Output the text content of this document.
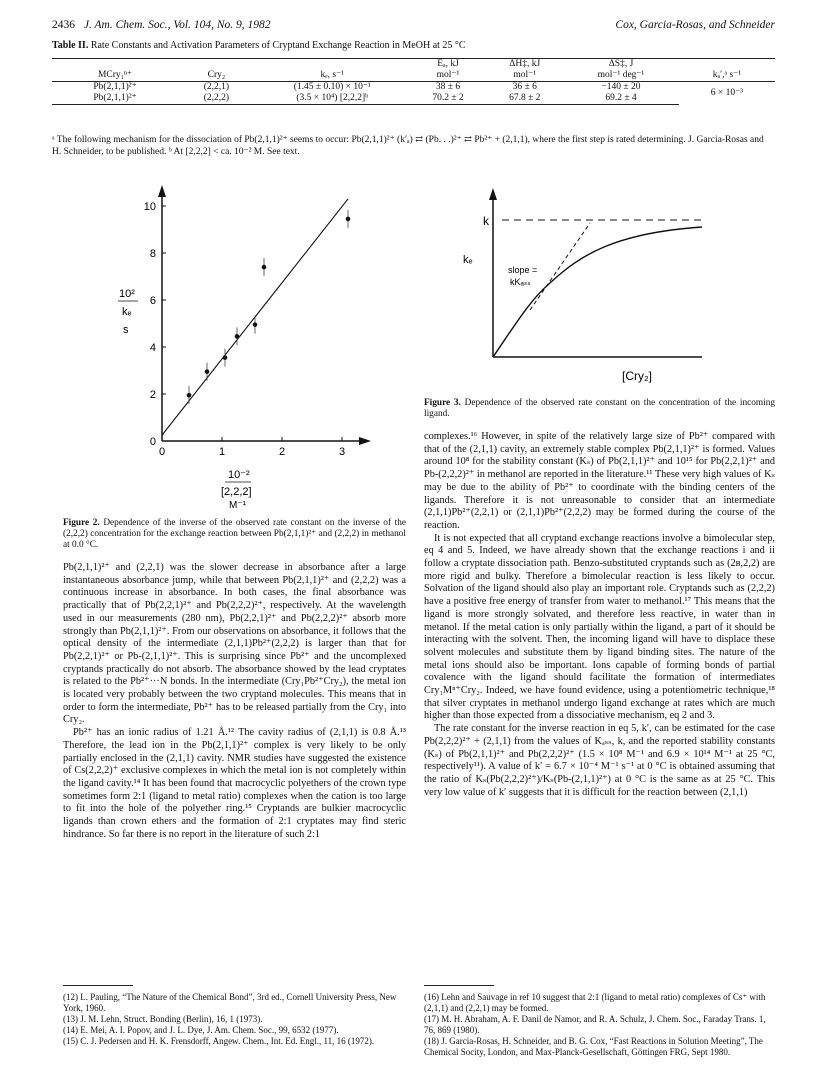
2436 J. Am. Chem. Soc., Vol. 104, No. 9, 1982	Cox, Garcia-Rosas, and Schneider
Table II. Rate Constants and Activation Parameters of Cryptand Exchange Reaction in MeOH at 25 °C
			Eₐ, kJ	ΔH‡, kJ	ΔS‡, J	
MCry₁ⁿ⁺	Cry₂	kₑ, s⁻¹	mol⁻¹	mol⁻¹	mol⁻¹ deg⁻¹	kₐ′,ᵃ s⁻¹
Pb(2,1,1)²⁺	(2,2,1)	(1.45 ± 0.10) × 10⁻¹	38 ± 6	36 ± 6	−140 ± 20	6 × 10⁻³
Pb(2,1,1)²⁺	(2,2,2)	(3.5 × 10⁴) [2,2,2]ᵇ	70.2 ± 2	67.8 ± 2	69.2 ± 4	
ᵃ The following mechanism for the dissociation of Pb(2,1,1)²⁺ seems to occur: Pb(2,1,1)²⁺ (k′ₐ) ⇄ (Pb. . .)²⁺ ⇄ Pb²⁺ + (2,1,1), where the first step is rated determining. J. Garcia-Rosas and H. Schneider, to be published. ᵇ At [2,2,2] < ca. 10⁻² M. See text.
0
2
4
6
8
10
0	1	2	3
10²
kₑ
s
10⁻²
[2,2,2]
M⁻¹
Figure 2. Dependence of the inverse of the observed rate constant on the inverse of the (2,2,2) concentration for the exchange reaction between Pb(2,1,1)²⁺ and (2,2,2) in methanol at 0.0 °C.
k
kₑ
slope =
kKₐₛₛ
[Cry₂]
Figure 3. Dependence of the observed rate constant on the concentration of the incoming ligand.

Pb(2,1,1)²⁺ and (2,2,1) was the slower decrease in absorbance after a large instantaneous absorbance jump, while that between Pb(2,1,1)²⁺ and (2,2,2) was a continuous increase in absorbance. In both cases, the final absorbance was practically that of Pb(2,2,1)²⁺ and Pb(2,2,2)²⁺, respectively. At the wavelength used in our measurements (280 nm), Pb(2,2,1)²⁺ and Pb(2,2,2)²⁺ absorb more strongly than Pb(2,1,1)²⁺. From our observations on absorbance, it follows that the optical density of the intermediate (2,1,1)Pb²⁺(2,2,2) is larger than that for Pb(2,2,1)²⁺ or Pb-(2,1,1)²⁺. This is surprising since Pb²⁺ and the uncomplexed cryptands practically do not absorb. The absorbance showed by the lead cryptates is related to the Pb²⁺···N bonds. In the intermediate (Cry₁Pb²⁺Cry₂), the metal ion is located very probably between the two cryptand molecules. This means that in order to form the intermediate, Pb²⁺ has to be released partially from the Cry₁ into Cry₂.

Pb²⁺ has an ionic radius of 1.21 Å.¹² The cavity radius of (2,1,1) is 0.8 Å.¹³ Therefore, the lead ion in the Pb(2,1,1)²⁺ complex is very likely to be only partially enclosed in the (2,1,1) cavity. NMR studies have suggested the existence of Cs(2,2,2)⁺ exclusive complexes in which the metal ion is not completely within the ligand cavity.¹⁴ It has been found that macrocyclic polyethers of the crown type sometimes form 2:1 (ligand to metal ratio) complexes when the cation is too large to fit into the hole of the polyether ring.¹⁵ Cryptands are bulkier macrocyclic ligands than crown ethers and the formation of 2:1 cryptates may find steric hindrance. So far there is no report in the literature of such 2:1

complexes.¹⁶ However, in spite of the relatively large size of Pb²⁺ compared with that of the (2,1,1) cavity, an extremely stable complex Pb(2,1,1)²⁺ is formed. Values around 10⁸ for the stability constant (Kₛ) of Pb(2,1,1)²⁺ and 10¹⁵ for Pb(2,2,1)²⁺ and Pb-(2,2,2)²⁺ in methanol are reported in the literature.¹¹ These very high values of Kₛ may be due to the ability of Pb²⁺ to coordinate with the binding centers of the ligands. Therefore it is not unreasonable to consider that an intermediate (2,1,1)Pb²⁺(2,2,1) or (2,1,1)Pb²⁺(2,2,2) may be formed during the course of the reaction.

It is not expected that all cryptand exchange reactions involve a bimolecular step, eq 4 and 5. Indeed, we have already shown that the exchange reactions i and ii follow a cryptate dissociation path. Benzo-substituted cryptands such as (2ʙ,2,2) are more rigid and bulky. Therefore a bimolecular reaction is less likely to occur. Solvation of the ligand should also play an important role. Cryptands such as (2,2,2) have a positive free energy of transfer from water to methanol.¹⁷ This means that the ligand is more strongly solvated, and therefore less reactive, in water than in metanol. If the metal cation is only partially within the ligand, a part of it should be interacting with the solvent. Then, the incoming ligand will have to displace these solvent molecules and substitute them by ligand binding sites. The nature of the metal ions should also be important. Ions capable of forming bonds of partial covalence with the ligand should facilitate the formation of intermediates Cry₁Mⁿ⁺Cry₂. Indeed, we have found evidence, using a potentiometric technique,¹⁸ that silver cryptates in methanol undergo ligand exchange at rates which are much higher than those expected from a dissociative mechanism, eq 2 and 3.

The rate constant for the inverse reaction in eq 5, k′, can be estimated for the case Pb(2,2,2)²⁺ + (2,1,1) from the values of Kₐₛₛ, k, and the reported stability constants (Kₛ) of Pb(2,1,1)²⁺ and Pb(2,2,2)²⁺ (1.5 × 10⁸ M⁻¹ and 6.9 × 10¹⁴ M⁻¹ at 25 °C, respectively¹¹). A value of k′ = 6.7 × 10⁻⁴ M⁻¹ s⁻¹ at 0 °C is obtained assuming that the ratio of Kₛ(Pb(2,2,2)²⁺)/Kₛ(Pb-(2,1,1)²⁺) at 0 °C is the same as at 25 °C. This very low value of k′ suggests that it is difficult for the reaction between (2,1,1)

(12) L. Pauling, “The Nature of the Chemical Bond”, 3rd ed., Cornell University Press, New York, 1960.
(13) J. M. Lehn, Struct. Bonding (Berlin), 16, 1 (1973).
(14) E. Mei, A. I. Popov, and J. L. Dye, J. Am. Chem. Soc., 99, 6532 (1977).
(15) C. J. Pedersen and H. K. Frensdorff, Angew. Chem., Int. Ed. Engl., 11, 16 (1972).
(16) Lehn and Sauvage in ref 10 suggest that 2:1 (ligand to metal ratio) complexes of Cs⁺ with (2,1,1) and (2,2,1) may be formed.
(17) M. H. Abraham, A. F. Danil de Namor, and R. A. Schulz, J. Chem. Soc., Faraday Trans. 1, 76, 869 (1980).
(18) J. Garcia-Rosas, H. Schneider, and B. G. Cox, “Fast Reactions in Solution Meeting”, The Chemical Socity, London, and Max-Planck-Gesellschaft, Göttingen FRG, Sept 1980.
